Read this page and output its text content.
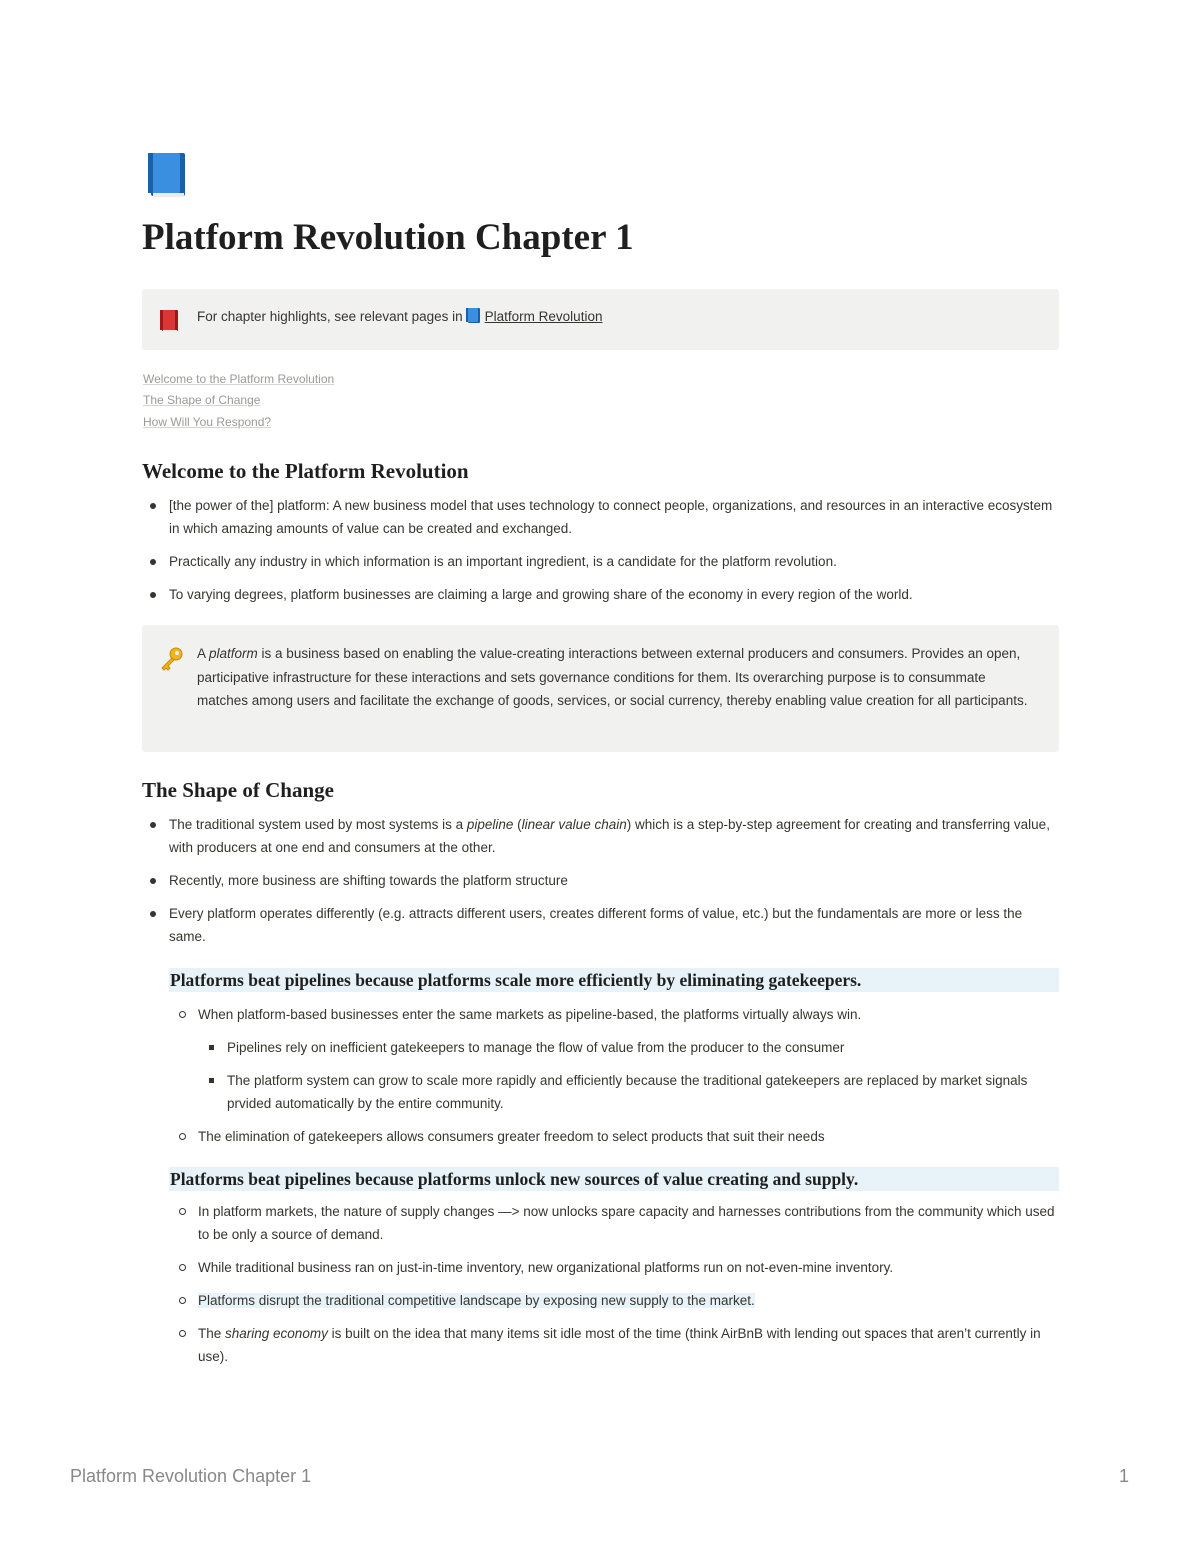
Platform Revolution Chapter 1
For chapter highlights, see relevant pages in Platform Revolution
Welcome to the Platform Revolution
The Shape of Change
How Will You Respond?
Welcome to the Platform Revolution
[the power of the] platform: A new business model that uses technology to connect people, organizations, and resources in an interactive ecosystem in which amazing amounts of value can be created and exchanged.
Practically any industry in which information is an important ingredient, is a candidate for the platform revolution.
To varying degrees, platform businesses are claiming a large and growing share of the economy in every region of the world.
A platform is a business based on enabling the value-creating interactions between external producers and consumers. Provides an open, participative infrastructure for these interactions and sets governance conditions for them. Its overarching purpose is to consummate matches among users and facilitate the exchange of goods, services, or social currency, thereby enabling value creation for all participants.
The Shape of Change
The traditional system used by most systems is a pipeline (linear value chain) which is a step-by-step agreement for creating and transferring value, with producers at one end and consumers at the other.
Recently, more business are shifting towards the platform structure
Every platform operates differently (e.g. attracts different users, creates different forms of value, etc.) but the fundamentals are more or less the same.
Platforms beat pipelines because platforms scale more efficiently by eliminating gatekeepers.
When platform-based businesses enter the same markets as pipeline-based, the platforms virtually always win.
Pipelines rely on inefficient gatekeepers to manage the flow of value from the producer to the consumer
The platform system can grow to scale more rapidly and efficiently because the traditional gatekeepers are replaced by market signals prvided automatically by the entire community.
The elimination of gatekeepers allows consumers greater freedom to select products that suit their needs
Platforms beat pipelines because platforms unlock new sources of value creating and supply.
In platform markets, the nature of supply changes —> now unlocks spare capacity and harnesses contributions from the community which used to be only a source of demand.
While traditional business ran on just-in-time inventory, new organizational platforms run on not-even-mine inventory.
Platforms disrupt the traditional competitive landscape by exposing new supply to the market.
The sharing economy is built on the idea that many items sit idle most of the time (think AirBnB with lending out spaces that aren’t currently in use).
Platform Revolution Chapter 1	1
